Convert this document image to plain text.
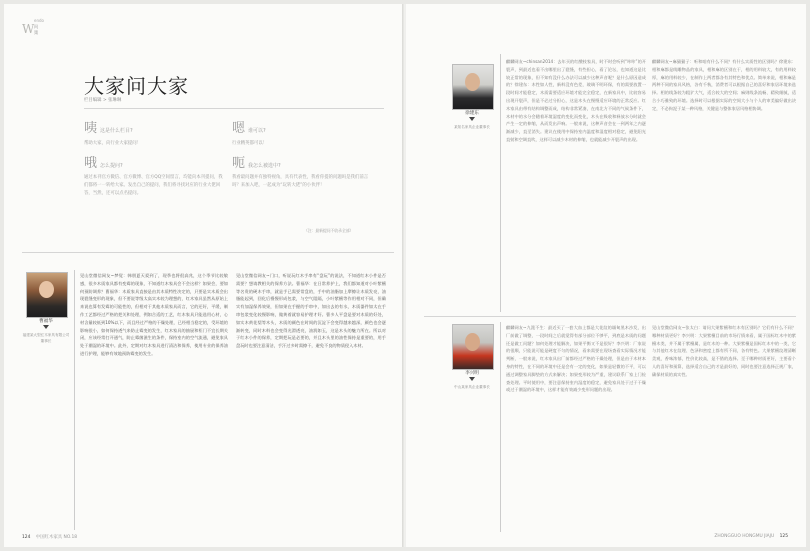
W
endo
问策
大家问大家
栏目编辑 > 张琳琳
咦 这是什么栏目?
帮助大家，向行业大家提问！
哦 怎么提问?
通过本刊官方微信、官方微博、官方QQ空间留言，均能向本刊提问，我们都将一一转给大家。发出自己的提问，我们将寻找对应的行业大佬回答，当然，还可以点名提问。
嗯 谁可以?
行业精英都可以！
呃 我怎么被选中?
我看最问题并有独特视角，具有代表性，我看你提的问题吗是我们前言吗？来加入吧，一起成为“玩转大佬”的小伙伴！
（注：最新提问不收录全部）
曹福华
福建某大型红木家具有限公司董事长
见山堂微信网友~梦觉：韩朋夏天爱到了，现季也将很高兆，这个季节比较敏感，很多木质家具都有变霉的现象，不知道红木家具会不会这样？如果会，要如何预防调养？曹福华：木质家具直接是由其木质特性决定的，只要是实木质会出现裂缝变形的现象，但不要说等级太高实木较为理想的，红木家具虽然从原始上来说也算有发霉的可能性的，但相对于其他木质家具而言，它的还好，平缓，制作工艺都经过严格的把关和处理，例如合适的工艺，红木家具只能选用心材，心材含量较低到10%以下，而且经过严格的干燥处理，已经相当稳定的，受环境的影响很小，如何保持透气来防止霉变的发生，红木家具的抽屉和柜门不宜长期关闭，应该经常打开通气，防止霉菌滋生的条件，保持室内的空气流通，避免家具处于潮湿的环境中。此外，定期对红木家具进行清洁和保养，使用专业的保养油进行护理，能够有效地预防霉变的发生。
见山堂微信网友~门口，听说玩红木手串有“盘玩”的说法，不知道红木小件是否需要？想请教相关的保养方法。曹福华：在日常养护上，我们都知道对小叶紫檀等名贵的硬木手串，就是手已需要常盘的，手中的油脂加上摩擦让木质发亮，油脂能起到，回化后慢慢形成包浆，与空气阻隔，小叶紫檀等作用相对不同，但确实有加湿保养效果，但如果在手握的手串中，如出去的有水，木质器件如太在手串包浆变化较慢影响，做黄着就容易护理才好。曹多人平盘是要对木质的好处，如实木黄花梨等木头，木质的颜色在时间的沉淀下会变得越来越深，颜色也会逐渐转变，同时木料也会变得光滑透亮，油润如玉，这是木头的魅力所在。所以对于红木小件的保养，定期把玩是必要的，并且木头里的油性保持是重要的，用手盘玩时也要注意清洁，手汗过多时需擦干，避免不良的物质侵入木材。
124 中国红木家具 NO.18
徐建东
某知名家具企业董事长
麒麟网友~chinsan2014：去年买的红酸枝家具，时不时会听到“咔咔”的开裂声，到最近也看不出哪里出了裂缝，有些担心，看了论坛，也知道这是比较正常的现象，但不知有没什么办法可以减少这种声音呢？是什么原因造成的？徐建东：木性如人性，新料没有色差，玻璃不明环保，有的需要放置一段时间才能稳定，木质需要适应环境才能完全稳定，在新家具中，比较容易出现开裂声，但是不必过分担心，这是木头在慢慢适应环境的正常反应。红木家具由带有结构调整而成，结构非常紧凑，在南北方不同的气候条件下，木材中的水分会随着环境湿度的变化而变化，木头在吸收和释放水分时就会产生一定的伸缩，从而发出声响。一般来说，这种声音会在一到两年之内逐渐减少，直至消失。建议在使用中保持室内温度和湿度相对稳定，避免阳光直射和空调直吹，这样可以减少木材的伸缩，也就能减少开裂声的出现。
麒麟网友~麻猫猫子：听和咱有什么不同？有什么实质性的区别吗？徐建东：相和麻都是线雕物品的家具，相和麻的区别在于，相的用料较大，有的用料较厚，麻的用料较少，在制作上两者都各有其特色和优点。简单来说，相和麻是两种不同的家具风格，各有千秋，消费者可以根据自己的喜好和家居环境来选择。相的线条较为粗犷大气，适合较大的空间；麻则线条流畅、精致细腻，适合小巧雅致的环境。选择时可以根据实际的空间大小与个人的审美偏好做出决定，不必拘泥于某一种风格，关键是与整体家居风格相协调。
李兴明
中山某家具企业董事长
麒麟网友~九派不生：最近买了一套大血上都是大花纹的缅甸黑木沙发，出厂前做了调整，一段时间之后就觉得有部分部位不够平，到底是木质的问题还是做工问题？如何处理才能解决，如果平衡又不是很好？李兴明：厂家说的很顺，只能说可能是硬度不匀的情况，看来需要在现场查看实际情况才能判断，一般来说，红木家具出厂前都经过严格的干燥处理，但是由于木材本身的特性，在不同的环境中还是会有一定的变化，如果是轻微的不平，可以通过调整家具脚垫的方式来解决；如果变形较为严重，建议联系厂家上门检查处理。平时使用中，要注意保持室内湿度的稳定，避免家具处于过于干燥或过于潮湿的环境中，这样才能有效减少变形问题的出现。
见山堂微信网友~张太白：请问大果紫檀和红木有区别吗？它们有什么不同？哪种材质更好？李兴明：大果紫檀目前的市场行情来看，属于国标红木中的紫檀木类，并不属于紫檀属，是红木的一种。大果紫檀是国标红木中的一类，它与其他红木在纹理、色泽和密度上都有所不同，各有特色。大果紫檀纹理清晰美观，香味浓郁，性价比较高，是不错的选择。至于哪种材质更好，主要看个人的喜好和预算，选择适合自己的才是最好的，同时也要注意选择正规厂家，确保材质的真实性。
ZHONGGUO HONGMU JIAJU 125
